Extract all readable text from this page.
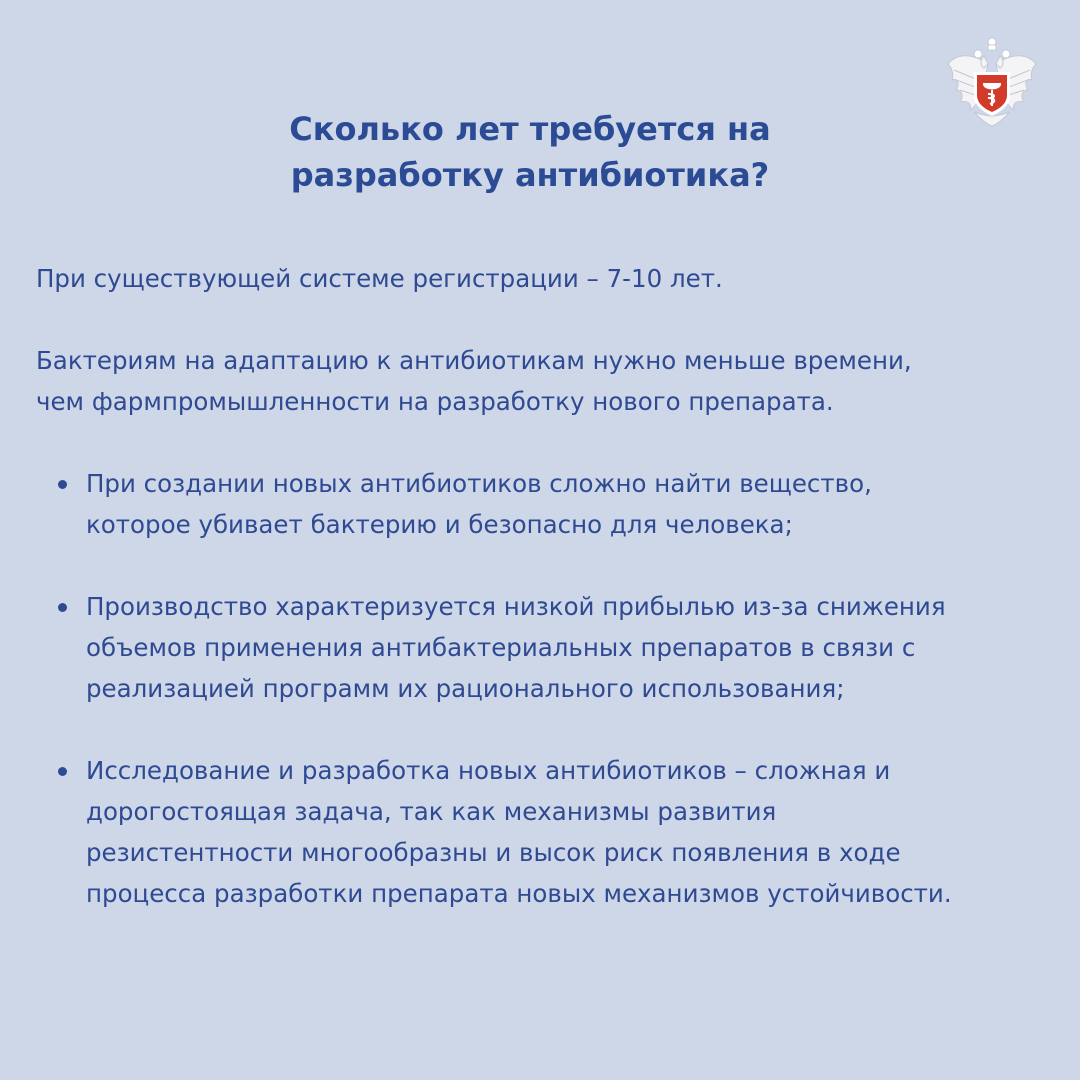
Сколько лет требуется на
разработку антибиотика?

При существующей системе регистрации – 7-10 лет.

Бактериям на адаптацию к антибиотикам нужно меньше времени,
чем фармпромышленности на разработку нового препарата.

При создании новых антибиотиков сложно найти вещество,
которое убивает бактерию и безопасно для человека;
Производство характеризуется низкой прибылью из-за снижения
объемов применения антибактериальных препаратов в связи с
реализацией программ их рационального использования;
Исследование и разработка новых антибиотиков – сложная и
дорогостоящая задача, так как механизмы развития
резистентности многообразны и высок риск появления в ходе
процесса разработки препарата новых механизмов устойчивости.
